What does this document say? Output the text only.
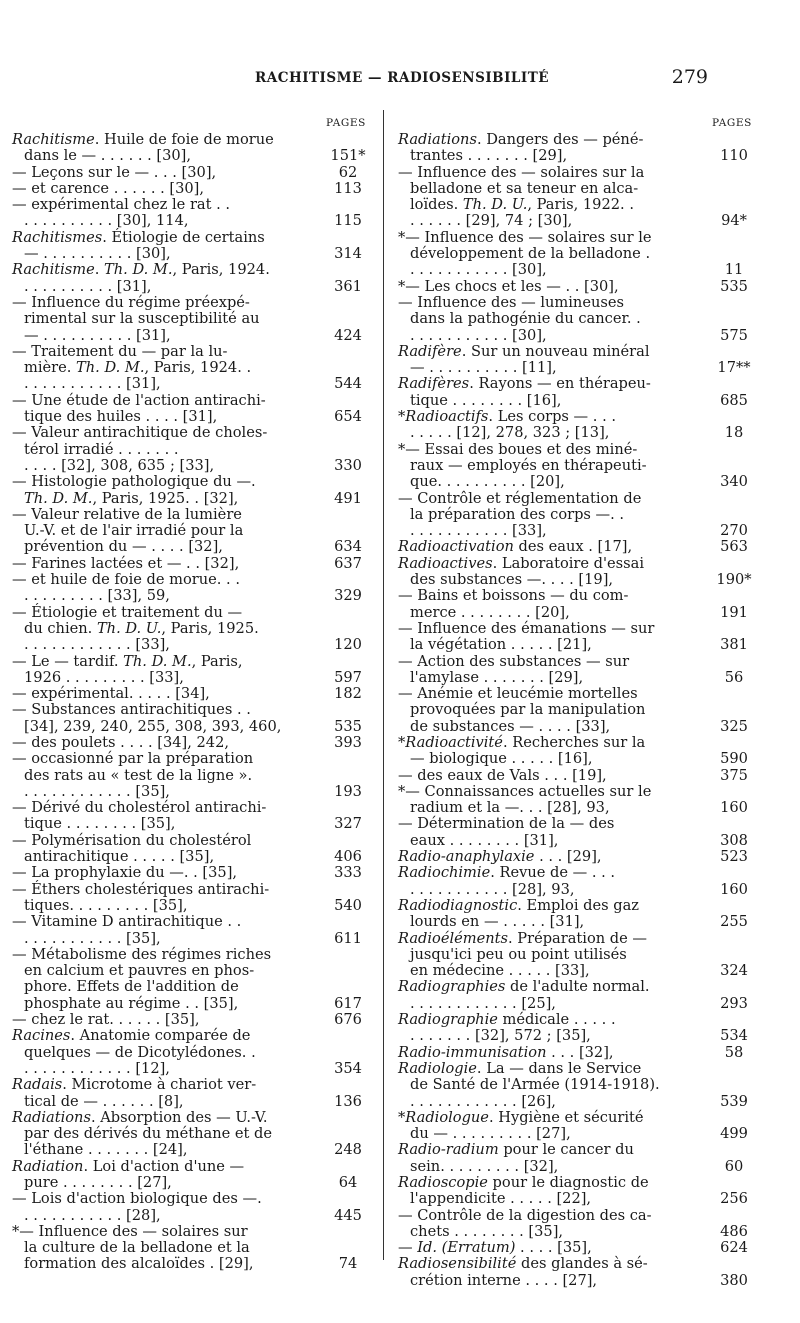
RACHITISME — RADIOSENSIBILITÉ	279
PAGES	PAGES
Rachitisme. Huile de foie de morue
dans le — . . . . . . [30],	151*
— Leçons sur le — . . . [30],	62
— et carence . . . . . . [30],	113
— expérimental chez le rat . .
. . . . . . . . . . [30], 114,	115
Rachitismes. Étiologie de certains
— . . . . . . . . . . [30],	314
Rachitisme. Th. D. M., Paris, 1924.
. . . . . . . . . . [31],	361
— Influence du régime préexpé-
rimental sur la susceptibilité au
— . . . . . . . . . . [31],	424
— Traitement du — par la lu-
mière. Th. D. M., Paris, 1924. .
. . . . . . . . . . . [31],	544
— Une étude de l'action antirachi-
tique des huiles . . . . [31],	654
— Valeur antirachitique de choles-
térol irradié . . . . . . .
. . . . [32], 308, 635 ; [33],	330
— Histologie pathologique du —.
Th. D. M., Paris, 1925. . [32],	491
— Valeur relative de la lumière
U.-V. et de l'air irradié pour la
prévention du — . . . . [32],	634
— Farines lactées et — . . [32],	637
— et huile de foie de morue. . .
. . . . . . . . . [33], 59,	329
— Étiologie et traitement du —
du chien. Th. D. U., Paris, 1925.
. . . . . . . . . . . . [33],	120
— Le — tardif. Th. D. M., Paris,
1926 . . . . . . . . . [33],	597
— expérimental. . . . . [34],	182
— Substances antirachitiques . .
[34], 239, 240, 255, 308, 393, 460,	535
— des poulets . . . . [34], 242,	393
— occasionné par la préparation
des rats au « test de la ligne ».
. . . . . . . . . . . . [35],	193
— Dérivé du cholestérol antirachi-
tique . . . . . . . . [35],	327
— Polymérisation du cholestérol
antirachitique . . . . . [35],	406
— La prophylaxie du —. . [35],	333
— Éthers cholestériques antirachi-
tiques. . . . . . . . . [35],	540
— Vitamine D antirachitique . .
. . . . . . . . . . . [35],	611
— Métabolisme des régimes riches
en calcium et pauvres en phos-
phore. Effets de l'addition de
phosphate au régime . . [35],	617
— chez le rat. . . . . . [35],	676
Racines. Anatomie comparée de
quelques — de Dicotylédones. .
. . . . . . . . . . . . [12],	354
Radais. Microtome à chariot ver-
tical de — . . . . . . [8],	136
Radiations. Absorption des — U.-V.
par des dérivés du méthane et de
l'éthane . . . . . . . [24],	248
Radiation. Loi d'action d'une —
pure . . . . . . . . [27],	64
— Lois d'action biologique des —.
. . . . . . . . . . . [28],	445
*— Influence des — solaires sur
la culture de la belladone et la
formation des alcaloïdes . [29],	74
Radiations. Dangers des — péné-
trantes . . . . . . . [29],	110
— Influence des — solaires sur la
belladone et sa teneur en alca-
loïdes. Th. D. U., Paris, 1922. .
. . . . . . [29], 74 ; [30],	94*
*— Influence des — solaires sur le
développement de la belladone .
. . . . . . . . . . . [30],	11
*— Les chocs et les — . . [30],	535
— Influence des — lumineuses
dans la pathogénie du cancer. .
. . . . . . . . . . . [30],	575
Radifère. Sur un nouveau minéral
— . . . . . . . . . . [11],	17**
Radifères. Rayons — en thérapeu-
tique . . . . . . . . [16],	685
*Radioactifs. Les corps — . . .
. . . . . [12], 278, 323 ; [13],	18
*— Essai des boues et des miné-
raux — employés en thérapeuti-
que. . . . . . . . . . [20],	340
— Contrôle et réglementation de
la préparation des corps —. .
. . . . . . . . . . . [33],	270
Radioactivation des eaux . [17],	563
Radioactives. Laboratoire d'essai
des substances —. . . . [19],	190*
— Bains et boissons — du com-
merce . . . . . . . . [20],	191
— Influence des émanations — sur
la végétation . . . . . [21],	381
— Action des substances — sur
l'amylase . . . . . . . [29],	56
— Anémie et leucémie mortelles
provoquées par la manipulation
de substances — . . . . [33],	325
*Radioactivité. Recherches sur la
— biologique . . . . . [16],	590
— des eaux de Vals . . . [19],	375
*— Connaissances actuelles sur le
radium et la —. . . [28], 93,	160
— Détermination de la — des
eaux . . . . . . . . [31],	308
Radio-anaphylaxie . . . [29],	523
Radiochimie. Revue de — . . .
. . . . . . . . . . . [28], 93,	160
Radiodiagnostic. Emploi des gaz
lourds en — . . . . . [31],	255
Radioéléments. Préparation de —
jusqu'ici peu ou point utilisés
en médecine . . . . . [33],	324
Radiographies de l'adulte normal.
. . . . . . . . . . . . [25],	293
Radiographie médicale . . . . .
. . . . . . . [32], 572 ; [35],	534
Radio-immunisation . . . [32],	58
Radiologie. La — dans le Service
de Santé de l'Armée (1914-1918).
. . . . . . . . . . . . [26],	539
*Radiologue. Hygiène et sécurité
du — . . . . . . . . . [27],	499
Radio-radium pour le cancer du
sein. . . . . . . . . [32],	60
Radioscopie pour le diagnostic de
l'appendicite . . . . . [22],	256
— Contrôle de la digestion des ca-
chets . . . . . . . . [35],	486
— Id. (Erratum) . . . . [35],	624
Radiosensibilité des glandes à sé-
crétion interne . . . . [27],	380
